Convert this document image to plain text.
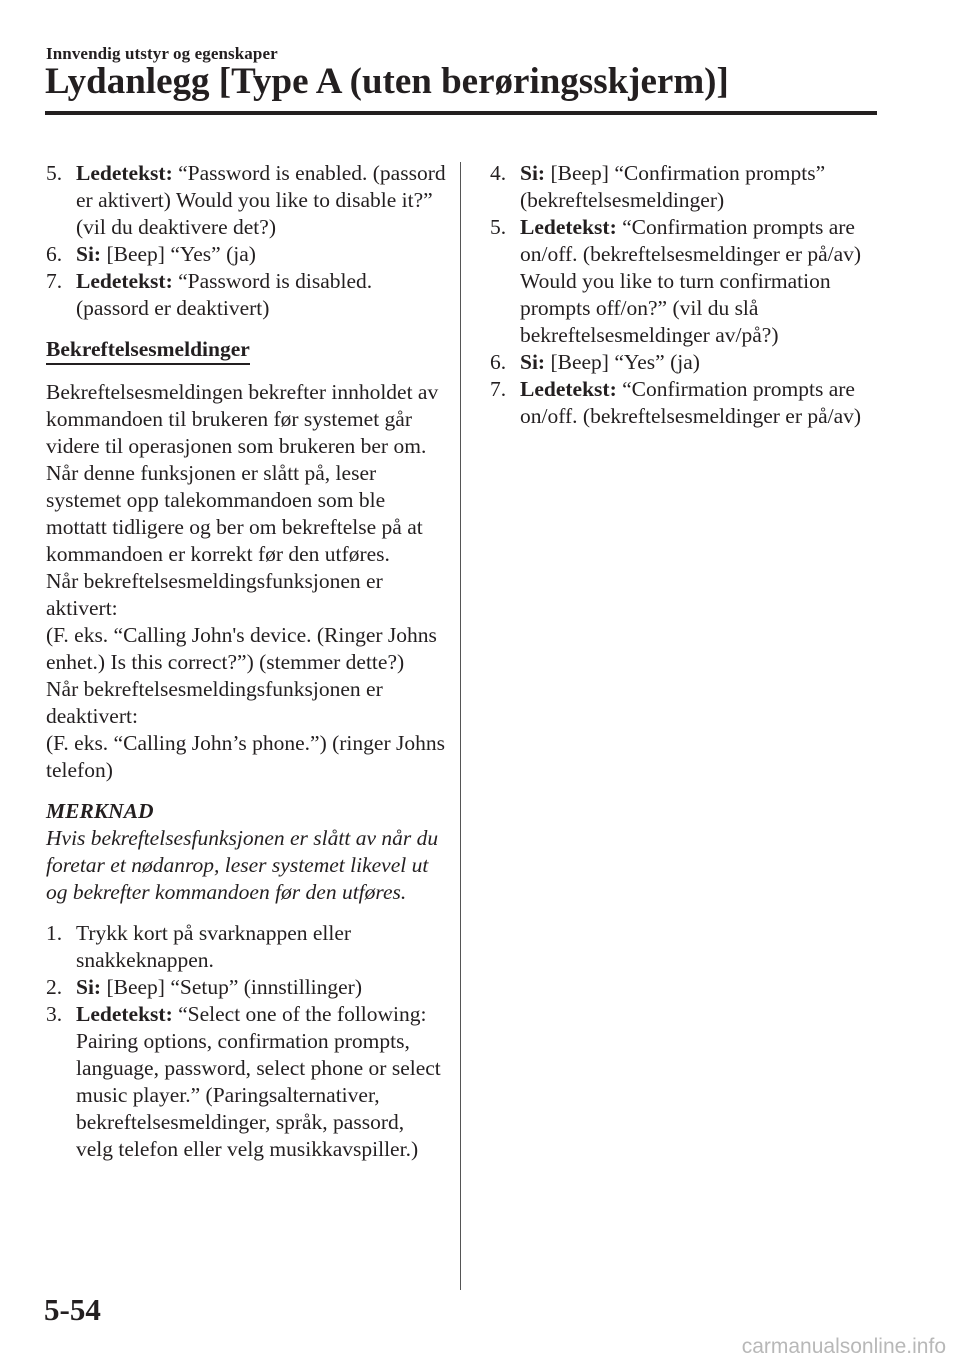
Innvendig utstyr og egenskaper
Lydanlegg [Type A (uten berøringsskjerm)]
5. Ledetekst: “Password is enabled. (passord er aktivert) Would you like to disable it?” (vil du deaktivere det?)
6. Si: [Beep] “Yes” (ja)
7. Ledetekst: “Password is disabled. (passord er deaktivert)
Bekreftelsesmeldinger
Bekreftelsesmeldingen bekrefter innholdet av kommandoen til brukeren før systemet går videre til operasjonen som brukeren ber om. Når denne funksjonen er slått på, leser systemet opp talekommandoen som ble mottatt tidligere og ber om bekreftelse på at kommandoen er korrekt før den utføres.
Når bekreftelsesmeldingsfunksjonen er aktivert:
(F. eks. “Calling John's device. (Ringer Johns enhet.) Is this correct?”) (stemmer dette?)
Når bekreftelsesmeldingsfunksjonen er deaktivert:
(F. eks. “Calling John’s phone.”) (ringer Johns telefon)
MERKNAD
Hvis bekreftelsesfunksjonen er slått av når du foretar et nødanrop, leser systemet likevel ut og bekrefter kommandoen før den utføres.
1. Trykk kort på svarknappen eller snakkeknappen.
2. Si: [Beep] “Setup” (innstillinger)
3. Ledetekst: “Select one of the following: Pairing options, confirmation prompts, language, password, select phone or select music player.” (Paringsalternativer, bekreftelsesmeldinger, språk, passord, velg telefon eller velg musikkavspiller.)
4. Si: [Beep] “Confirmation prompts” (bekreftelsesmeldinger)
5. Ledetekst: “Confirmation prompts are on/off. (bekreftelsesmeldinger er på/av) Would you like to turn confirmation prompts off/on?” (vil du slå bekreftelsesmeldinger av/på?)
6. Si: [Beep] “Yes” (ja)
7. Ledetekst: “Confirmation prompts are on/off. (bekreftelsesmeldinger er på/av)
5-54
carmanualsonline.info
